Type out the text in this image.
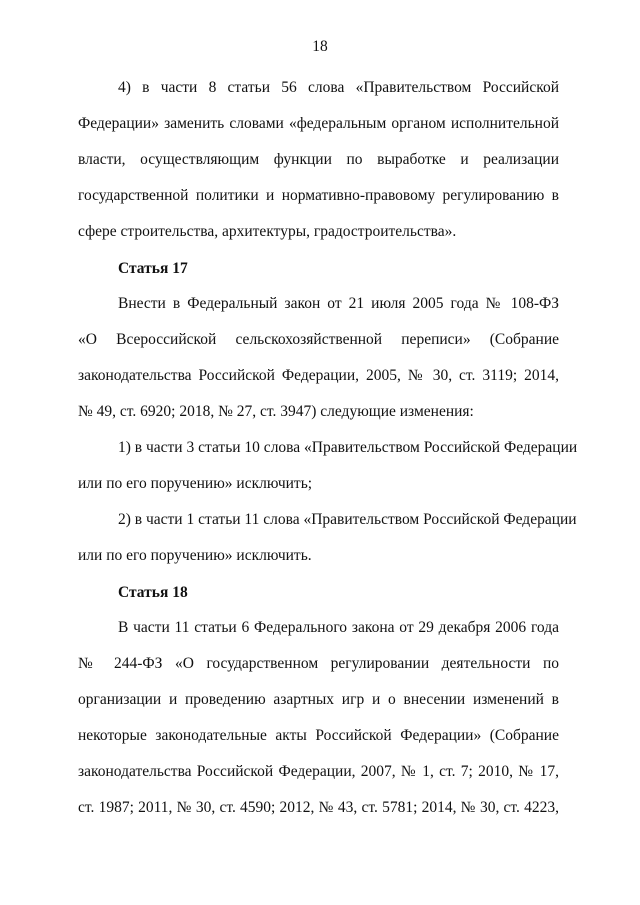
18
4) в части 8 статьи 56 слова «Правительством Российской
Федерации» заменить словами «федеральным органом исполнительной
власти, осуществляющим функции по выработке и реализации
государственной политики и нормативно-правовому регулированию в
сфере строительства, архитектуры, градостроительства».
Статья 17
Внести в Федеральный закон от 21 июля 2005 года № 108-ФЗ
«О Всероссийской сельскохозяйственной переписи» (Собрание
законодательства Российской Федерации, 2005, № 30, ст. 3119; 2014,
№ 49, ст. 6920; 2018, № 27, ст. 3947) следующие изменения:
1) в части 3 статьи 10 слова «Правительством Российской Федерации
или по его поручению» исключить;
2) в части 1 статьи 11 слова «Правительством Российской Федерации
или по его поручению» исключить.
Статья 18
В части 11 статьи 6 Федерального закона от 29 декабря 2006 года
№ 244-ФЗ «О государственном регулировании деятельности по
организации и проведению азартных игр и о внесении изменений в
некоторые законодательные акты Российской Федерации» (Собрание
законодательства Российской Федерации, 2007, № 1, ст. 7; 2010, № 17,
ст. 1987; 2011, № 30, ст. 4590; 2012, № 43, ст. 5781; 2014, № 30, ст. 4223,
